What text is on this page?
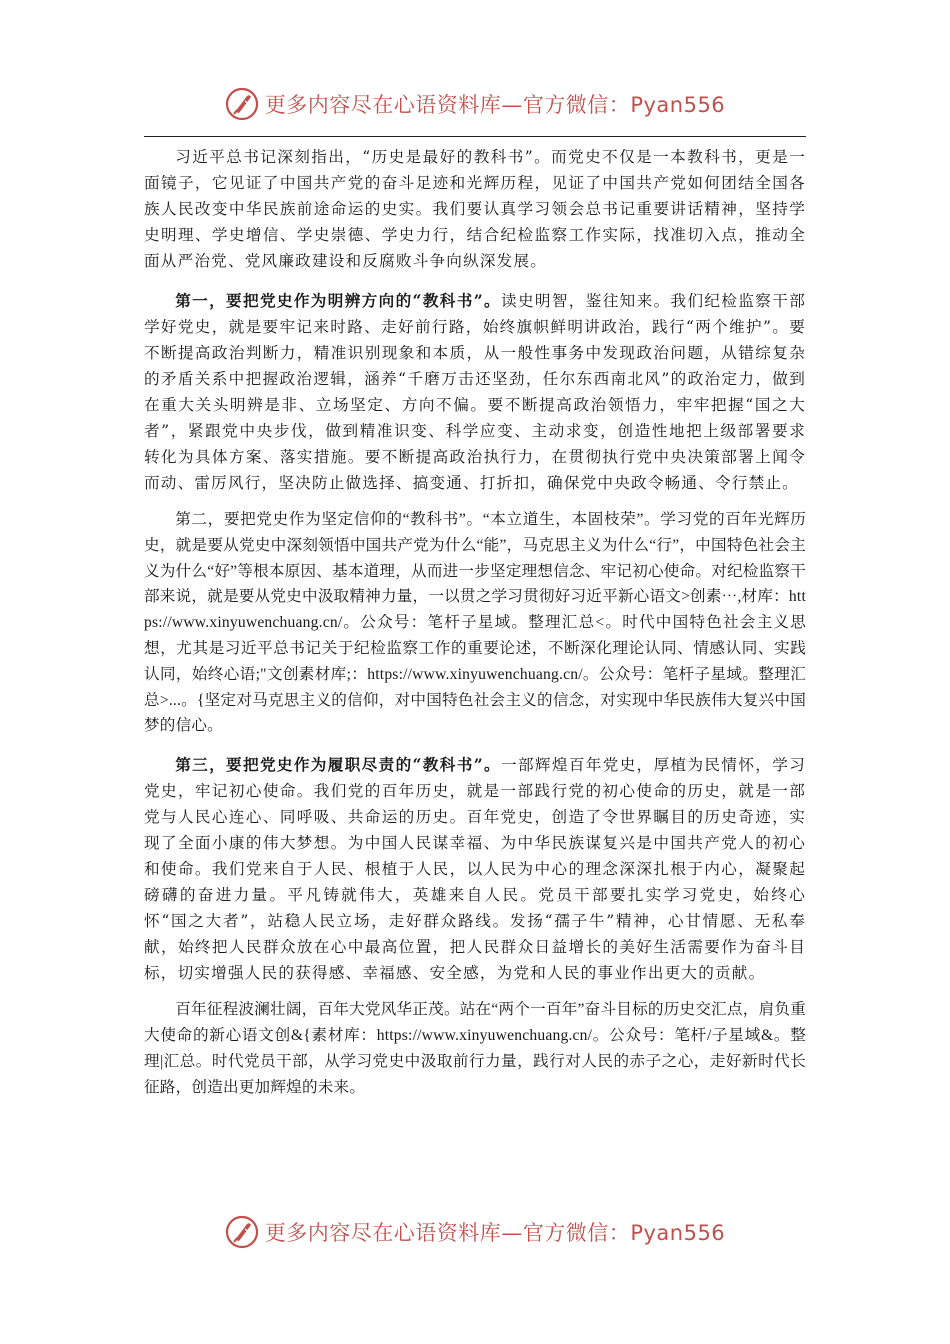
更多内容尽在心语资料库—官方微信：Pyan556

习近平总书记深刻指出，“历史是最好的教科书”。而党史不仅是一本教科书，更是一面镜子，它见证了中国共产党的奋斗足迹和光辉历程，见证了中国共产党如何团结全国各族人民改变中华民族前途命运的史实。我们要认真学习领会总书记重要讲话精神，坚持学史明理、学史增信、学史崇德、学史力行，结合纪检监察工作实际，找准切入点，推动全面从严治党、党风廉政建设和反腐败斗争向纵深发展。

第一，要把党史作为明辨方向的“教科书”。读史明智，鉴往知来。我们纪检监察干部学好党史，就是要牢记来时路、走好前行路，始终旗帜鲜明讲政治，践行“两个维护”。要不断提高政治判断力，精准识别现象和本质，从一般性事务中发现政治问题，从错综复杂的矛盾关系中把握政治逻辑，涵养“千磨万击还坚劲，任尔东西南北风”的政治定力，做到在重大关头明辨是非、立场坚定、方向不偏。要不断提高政治领悟力，牢牢把握“国之大者”，紧跟党中央步伐，做到精准识变、科学应变、主动求变，创造性地把上级部署要求转化为具体方案、落实措施。要不断提高政治执行力，在贯彻执行党中央决策部署上闻令而动、雷厉风行，坚决防止做选择、搞变通、打折扣，确保党中央政令畅通、令行禁止。

第二，要把党史作为坚定信仰的“教科书”。“本立道生，本固枝荣”。学习党的百年光辉历史，就是要从党史中深刻领悟中国共产党为什么“能”，马克思主义为什么“行”，中国特色社会主义为什么“好”等根本原因、基本道理，从而进一步坚定理想信念、牢记初心使命。对纪检监察干部来说，就是要从党史中汲取精神力量，一以贯之学习贯彻好习近平新心语文>创素⋯,材库：https://www.xinyuwenchuang.cn/。公众号：笔杆子星域。整理汇总<。时代中国特色社会主义思想，尤其是习近平总书记关于纪检监察工作的重要论述，不断深化理论认同、情感认同、实践认同，始终心语;"文创素材库;：https://www.xinyuwenchuang.cn/。公众号：笔杆子星域。整理汇总>...。{坚定对马克思主义的信仰，对中国特色社会主义的信念，对实现中华民族伟大复兴中国梦的信心。

第三，要把党史作为履职尽责的“教科书”。一部辉煌百年党史，厚植为民情怀，学习党史，牢记初心使命。我们党的百年历史，就是一部践行党的初心使命的历史，就是一部党与人民心连心、同呼吸、共命运的历史。百年党史，创造了令世界瞩目的历史奇迹，实现了全面小康的伟大梦想。为中国人民谋幸福、为中华民族谋复兴是中国共产党人的初心和使命。我们党来自于人民、根植于人民，以人民为中心的理念深深扎根于内心，凝聚起磅礴的奋进力量。平凡铸就伟大，英雄来自人民。党员干部要扎实学习党史，始终心怀“国之大者”，站稳人民立场，走好群众路线。发扬“孺子牛”精神，心甘情愿、无私奉献，始终把人民群众放在心中最高位置，把人民群众日益增长的美好生活需要作为奋斗目标，切实增强人民的获得感、幸福感、安全感，为党和人民的事业作出更大的贡献。

百年征程波澜壮阔，百年大党风华正茂。站在“两个一百年”奋斗目标的历史交汇点，肩负重大使命的新心语文创&{素材库：https://www.xinyuwenchuang.cn/。公众号：笔杆/子星域&。整理|汇总。时代党员干部，从学习党史中汲取前行力量，践行对人民的赤子之心，走好新时代长征路，创造出更加辉煌的未来。

更多内容尽在心语资料库—官方微信：Pyan556
